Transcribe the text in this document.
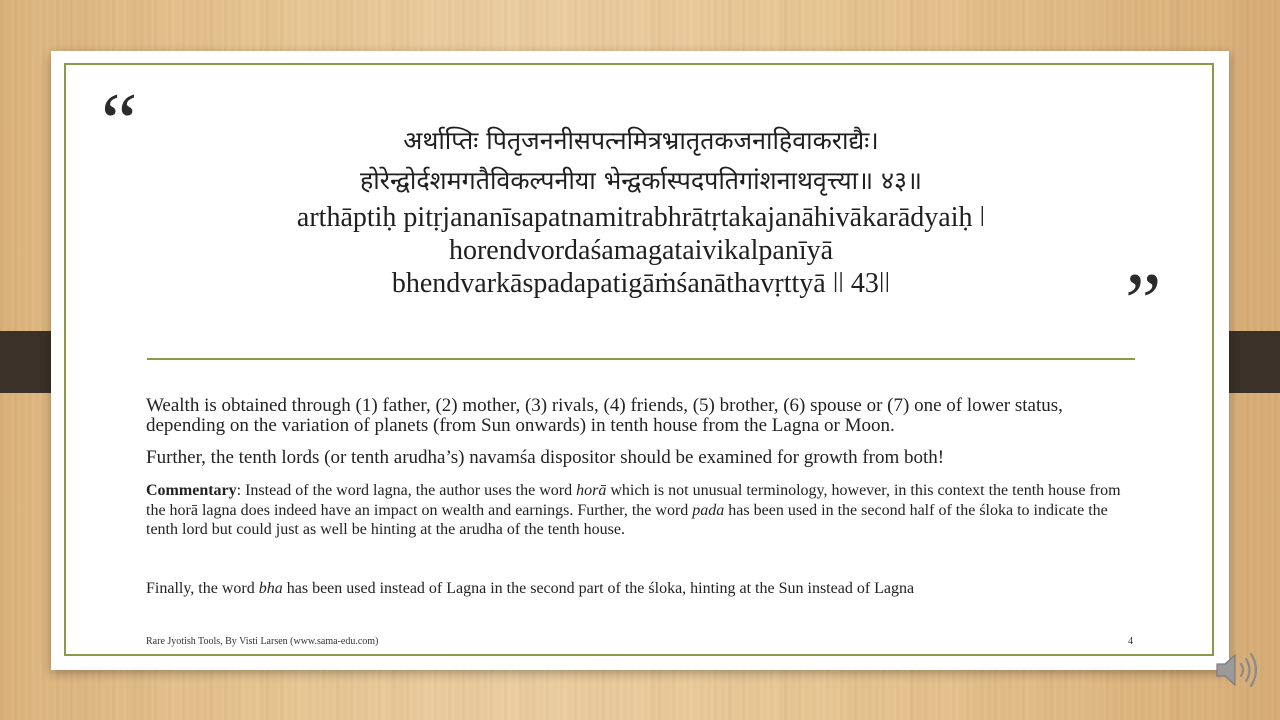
“
”
अर्थाप्तिः पितृजननीसपत्नमित्रभ्रातृतकजनाहिवाकराद्यैः।
होरेन्द्वोर्दशमगतैविकल्पनीया भेन्द्वर्कास्पदपतिगांशनाथवृत्त्या॥ ४३॥
arthāptiḥ pitṛjananīsapatnamitrabhrātṛtakajanāhivākarādyaiḥ ǀ
horendvordaśamagataivikalpanīyā
bhendvarkāspadapatigāṁśanāthavṛttyā ǀǀ 43ǀǀ
Wealth is obtained through (1) father, (2) mother, (3) rivals, (4) friends, (5) brother, (6) spouse or (7) one of lower status, depending on the variation of planets (from Sun onwards) in tenth house from the Lagna or Moon.
Further, the tenth lords (or tenth arudha’s) navamśa dispositor should be examined for growth from both!
Commentary: Instead of the word lagna, the author uses the word horā which is not unusual terminology, however, in this context the tenth house from the horā lagna does indeed have an impact on wealth and earnings. Further, the word pada has been used in the second half of the śloka to indicate the tenth lord but could just as well be hinting at the arudha of the tenth house.
Finally, the word bha has been used instead of Lagna in the second part of the śloka, hinting at the Sun instead of Lagna
Rare Jyotish Tools, By Visti Larsen (www.sama-edu.com)	4
